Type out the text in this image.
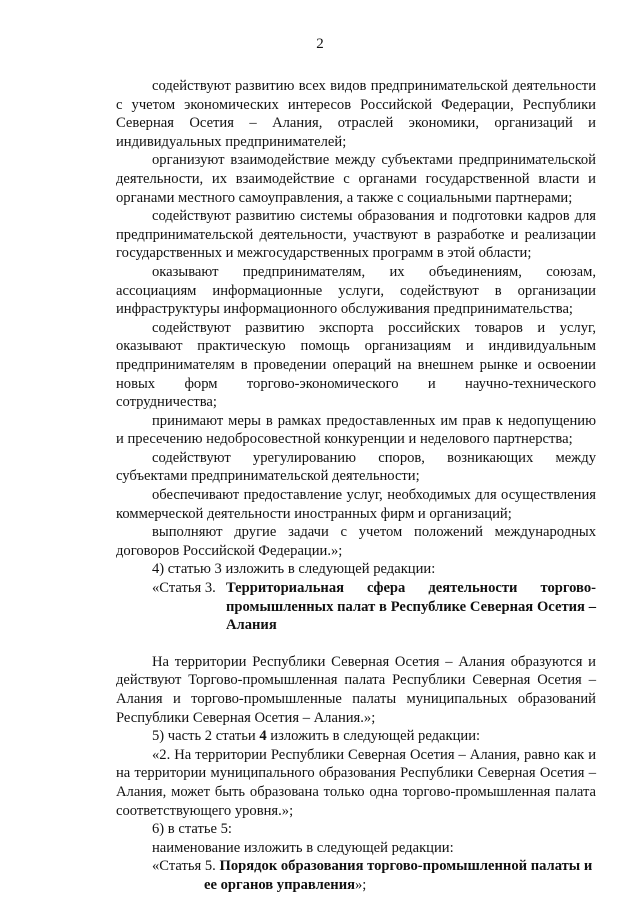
2

содействуют развитию всех видов предпринимательской деятельности с учетом экономических интересов Российской Федерации, Республики Северная Осетия – Алания, отраслей экономики, организаций и индивидуальных предпринимателей;

организуют взаимодействие между субъектами предпринимательской деятельности, их взаимодействие с органами государственной власти и органами местного самоуправления, а также с социальными партнерами;

содействуют развитию системы образования и подготовки кадров для предпринимательской деятельности, участвуют в разработке и реализации государственных и межгосударственных программ в этой области;

оказывают предпринимателям, их объединениям, союзам, ассоциациям информационные услуги, содействуют в организации инфраструктуры информационного обслуживания предпринимательства;

содействуют развитию экспорта российских товаров и услуг, оказывают практическую помощь организациям и индивидуальным предпринимателям в проведении операций на внешнем рынке и освоении новых форм торгово-экономического и научно-технического сотрудничества;

принимают меры в рамках предоставленных им прав к недопущению и пресечению недобросовестной конкуренции и неделового партнерства;

содействуют урегулированию споров, возникающих между субъектами предпринимательской деятельности;

обеспечивают предоставление услуг, необходимых для осуществления коммерческой деятельности иностранных фирм и организаций;

выполняют другие задачи с учетом положений международных договоров Российской Федерации.»;

4) статью 3 изложить в следующей редакции:

«Статья 3. Территориальная сфера деятельности торгово-промышленных палат в Республике Северная Осетия – Алания

На территории Республики Северная Осетия – Алания образуются и действуют Торгово-промышленная палата Республики Северная Осетия – Алания и торгово-промышленные палаты муниципальных образований Республики Северная Осетия – Алания.»;

5) часть 2 статьи 4 изложить в следующей редакции:

«2. На территории Республики Северная Осетия – Алания, равно как и на территории муниципального образования Республики Северная Осетия – Алания, может быть образована только одна торгово-промышленная палата соответствующего уровня.»;

6) в статье 5:

наименование изложить в следующей редакции:

«Статья 5. Порядок образования торгово-промышленной палаты и
ее органов управления»;
